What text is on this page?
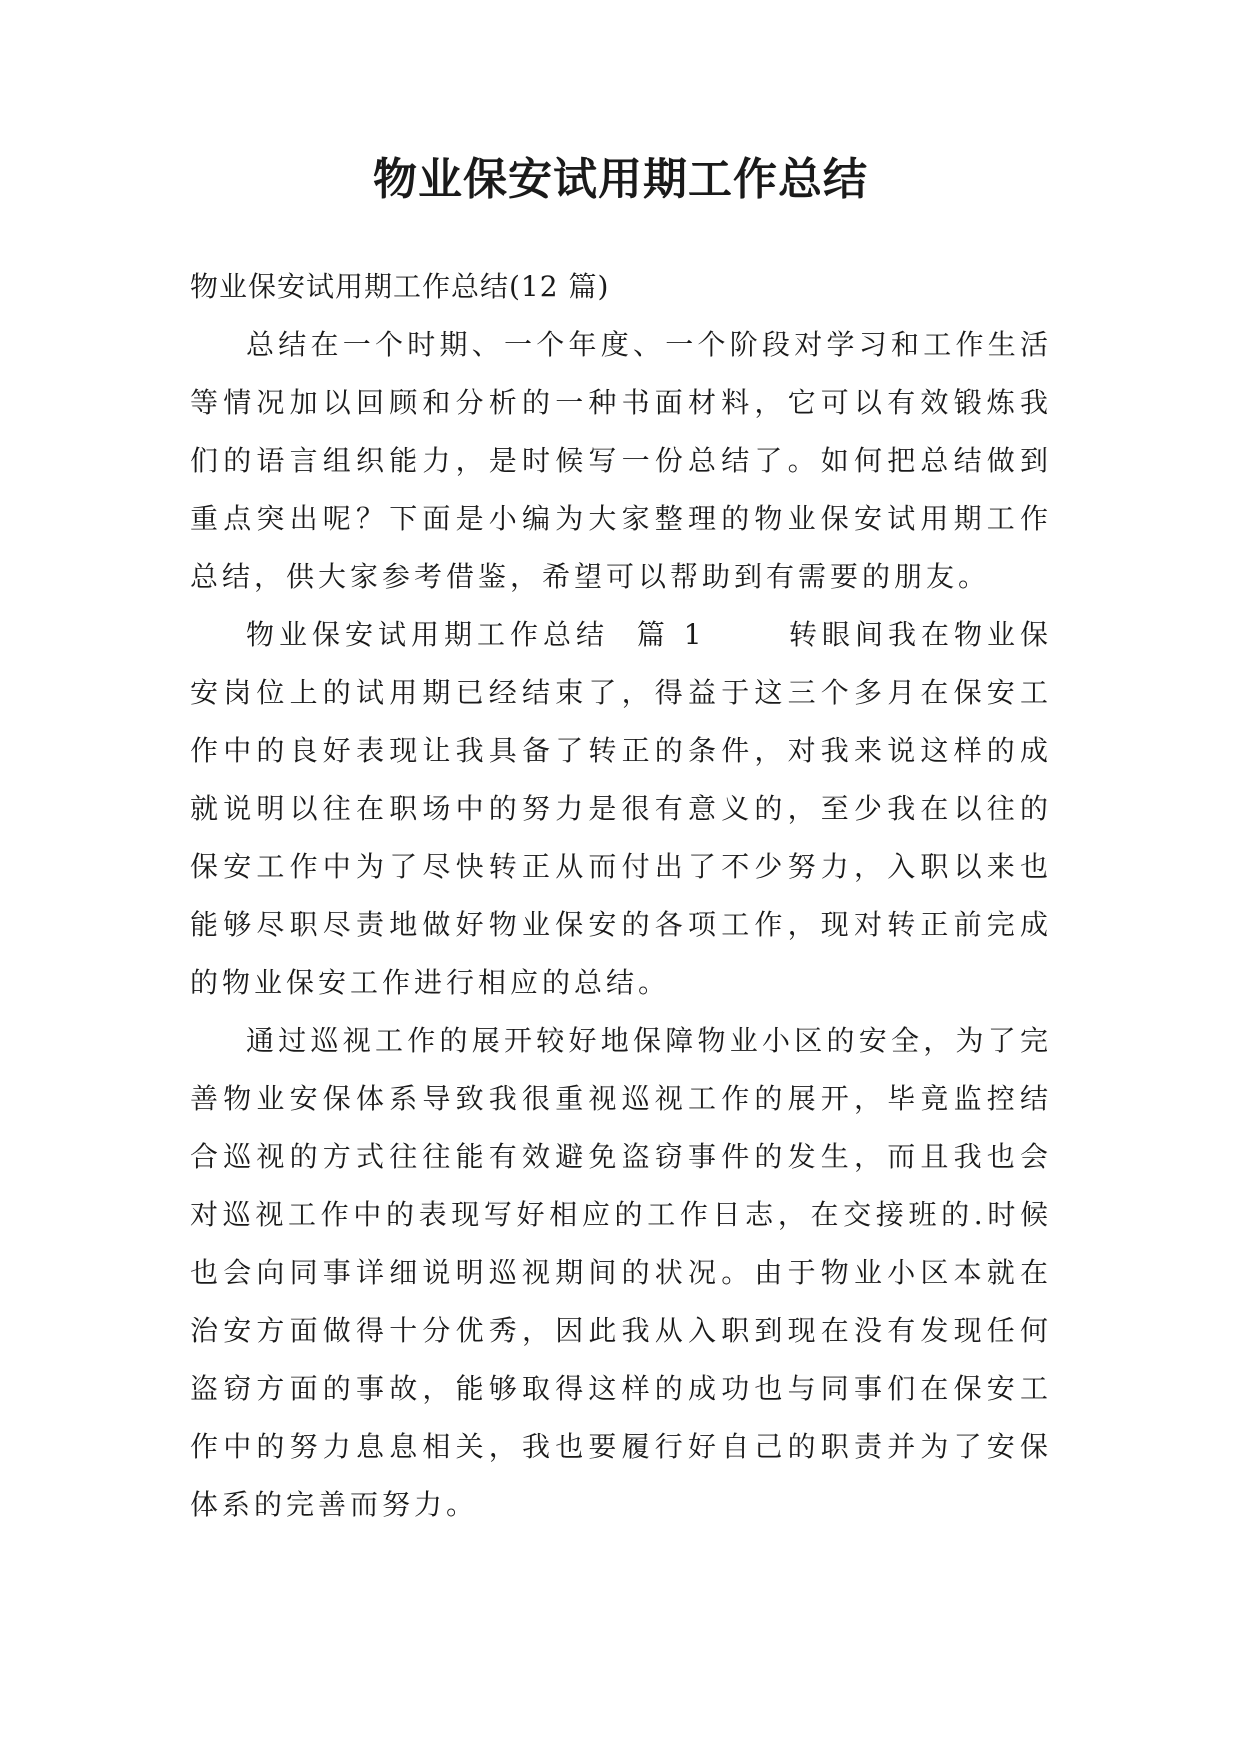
物业保安试用期工作总结

物业保安试用期工作总结(12 篇)

总结在一个时期、一个年度、一个阶段对学习和工作生活等情况加以回顾和分析的一种书面材料，它可以有效锻炼我们的语言组织能力，是时候写一份总结了。如何把总结做到重点突出呢？下面是小编为大家整理的物业保安试用期工作总结，供大家参考借鉴，希望可以帮助到有需要的朋友。

物业保安试用期工作总结  篇 1      转眼间我在物业保安岗位上的试用期已经结束了，得益于这三个多月在保安工作中的良好表现让我具备了转正的条件，对我来说这样的成就说明以往在职场中的努力是很有意义的，至少我在以往的保安工作中为了尽快转正从而付出了不少努力，入职以来也能够尽职尽责地做好物业保安的各项工作，现对转正前完成的物业保安工作进行相应的总结。

通过巡视工作的展开较好地保障物业小区的安全，为了完善物业安保体系导致我很重视巡视工作的展开，毕竟监控结合巡视的方式往往能有效避免盗窃事件的发生，而且我也会对巡视工作中的表现写好相应的工作日志，在交接班的.时候也会向同事详细说明巡视期间的状况。由于物业小区本就在治安方面做得十分优秀，因此我从入职到现在没有发现任何盗窃方面的事故，能够取得这样的成功也与同事们在保安工作中的努力息息相关，我也要履行好自己的职责并为了安保体系的完善而努力。
